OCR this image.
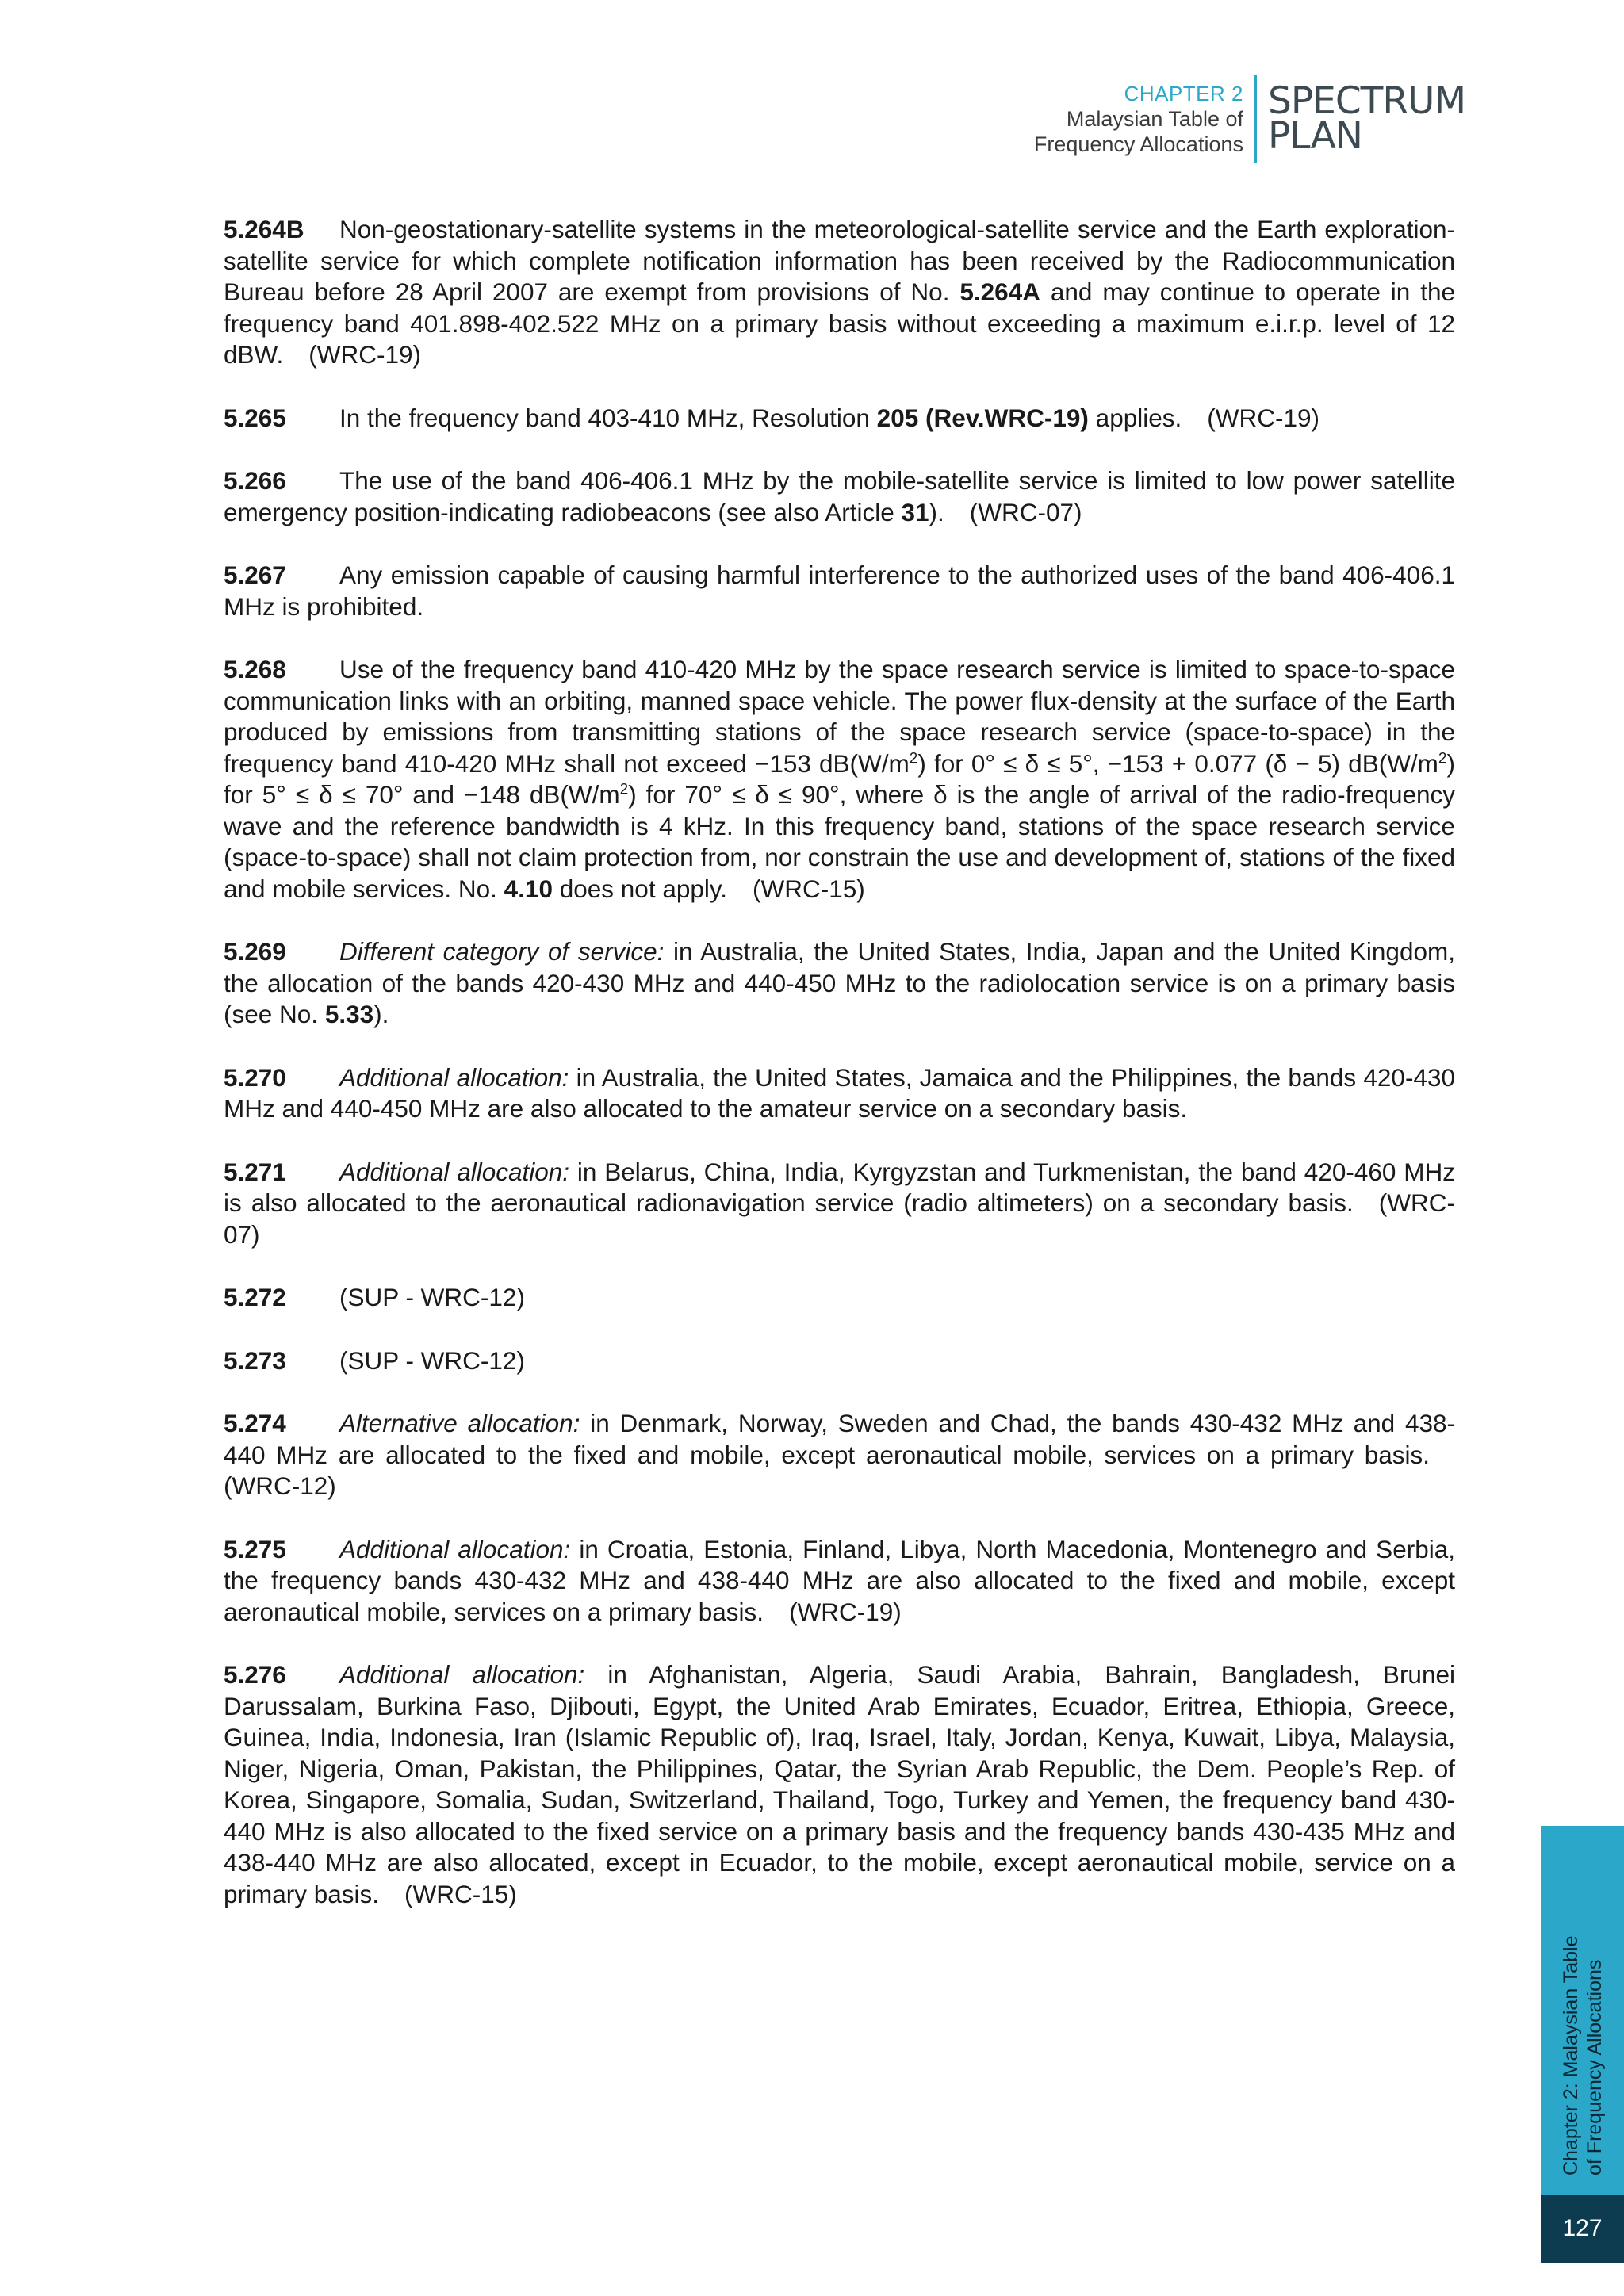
CHAPTER 2
Malaysian Table of
Frequency Allocations
SPECTRUM
PLAN

5.264B Non-geostationary-satellite systems in the meteorological-satellite service and the Earth exploration-satellite service for which complete notification information has been received by the Radiocommunication Bureau before 28 April 2007 are exempt from provisions of No. 5.264A and may continue to operate in the frequency band 401.898-402.522 MHz on a primary basis without exceeding a maximum e.i.r.p. level of 12 dBW. (WRC-19)

5.265 In the frequency band 403-410 MHz, Resolution 205 (Rev.WRC-19) applies. (WRC-19)

5.266 The use of the band 406-406.1 MHz by the mobile-satellite service is limited to low power satellite emergency position-indicating radiobeacons (see also Article 31). (WRC-07)

5.267 Any emission capable of causing harmful interference to the authorized uses of the band 406-406.1 MHz is prohibited.

5.268 Use of the frequency band 410-420 MHz by the space research service is limited to space-to-space communication links with an orbiting, manned space vehicle. The power flux-density at the surface of the Earth produced by emissions from transmitting stations of the space research service (space-to-space) in the frequency band 410-420 MHz shall not exceed −153 $dB(W/m^2)$ for 0° ≤ δ ≤ 5°, −153 + 0.077 (δ − 5) $dB(W/m^2)$ for 5° ≤ δ ≤ 70° and −148 $dB(W/m^2)$ for 70° ≤ δ ≤ 90°, where δ is the angle of arrival of the radio-frequency wave and the reference bandwidth is 4 kHz. In this frequency band, stations of the space research service (space-to-space) shall not claim protection from, nor constrain the use and development of, stations of the fixed and mobile services. No. 4.10 does not apply. (WRC-15)

5.269 Different category of service: in Australia, the United States, India, Japan and the United Kingdom, the allocation of the bands 420-430 MHz and 440-450 MHz to the radiolocation service is on a primary basis (see No. 5.33).

5.270 Additional allocation: in Australia, the United States, Jamaica and the Philippines, the bands 420-430 MHz and 440-450 MHz are also allocated to the amateur service on a secondary basis.

5.271 Additional allocation: in Belarus, China, India, Kyrgyzstan and Turkmenistan, the band 420-460 MHz is also allocated to the aeronautical radionavigation service (radio altimeters) on a secondary basis. (WRC-07)

5.272 (SUP - WRC-12)

5.273 (SUP - WRC-12)

5.274 Alternative allocation: in Denmark, Norway, Sweden and Chad, the bands 430-432 MHz and 438-440 MHz are allocated to the fixed and mobile, except aeronautical mobile, services on a primary basis.(WRC-12)

5.275 Additional allocation: in Croatia, Estonia, Finland, Libya, North Macedonia, Montenegro and Serbia, the frequency bands 430-432 MHz and 438-440 MHz are also allocated to the fixed and mobile, except aeronautical mobile, services on a primary basis. (WRC-19)

5.276 Additional allocation: in Afghanistan, Algeria, Saudi Arabia, Bahrain, Bangladesh, Brunei Darussalam, Burkina Faso, Djibouti, Egypt, the United Arab Emirates, Ecuador, Eritrea, Ethiopia, Greece, Guinea, India, Indonesia, Iran (Islamic Republic of), Iraq, Israel, Italy, Jordan, Kenya, Kuwait, Libya, Malaysia, Niger, Nigeria, Oman, Pakistan, the Philippines, Qatar, the Syrian Arab Republic, the Dem. People’s Rep. of Korea, Singapore, Somalia, Sudan, Switzerland, Thailand, Togo, Turkey and Yemen, the frequency band 430-440 MHz is also allocated to the fixed service on a primary basis and the frequency bands 430-435 MHz and 438-440 MHz are also allocated, except in Ecuador, to the mobile, except aeronautical mobile, service on a primary basis. (WRC-15)

Chapter 2: Malaysian Table of Frequency Allocations
127
